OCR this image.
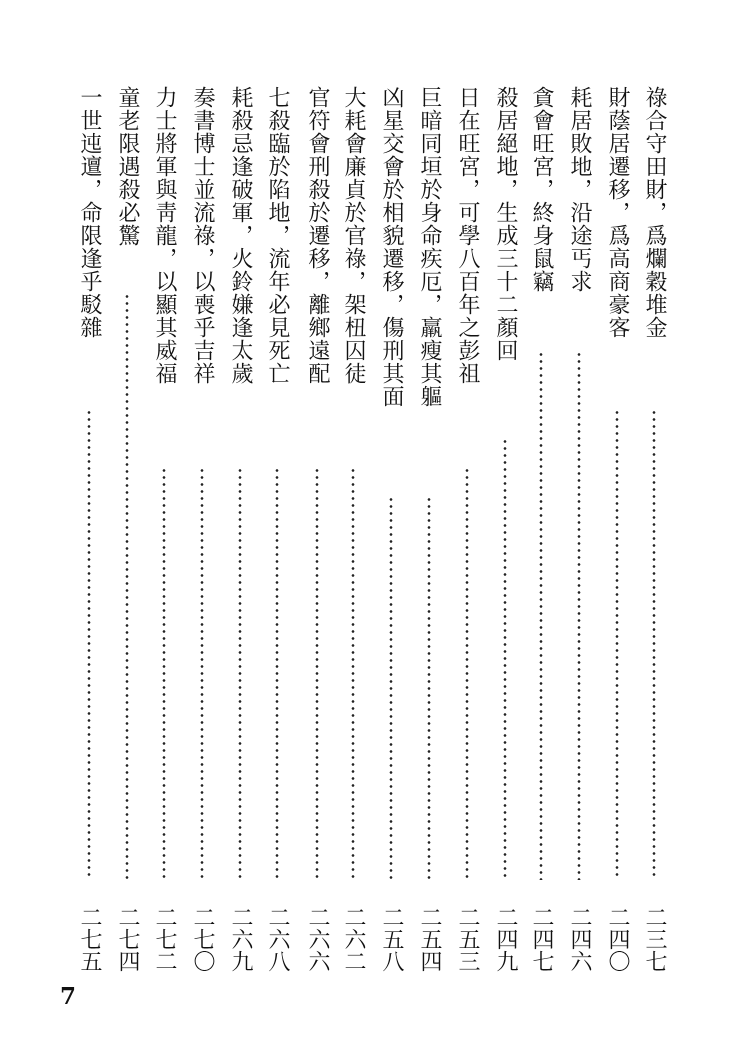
祿合守田財，爲爛穀堆金
二三七
財蔭居遷移，爲高商豪客
二四〇
耗居敗地，沿途丐求
二四六
貪會旺宮，終身鼠竊
二四七
殺居絕地，生成三十二顏回
二四九
日在旺宮，可學八百年之彭祖
二五三
巨暗同垣於身命疾厄，羸瘦其軀
二五四
凶星交會於相貌遷移，傷刑其面
二五八
大耗會廉貞於官祿，架杻囚徒
二六二
官符會刑殺於遷移，離鄉遠配
二六六
七殺臨於陷地，流年必見死亡
二六八
耗殺忌逢破軍，火鈴嫌逢太歲
二六九
奏書博士並流祿，以喪乎吉祥
二七〇
力士將軍與靑龍，以顯其威福
二七二
童老限遇殺必驚
二七四
一世迍邅，命限逢乎駁雜
二七五
7
